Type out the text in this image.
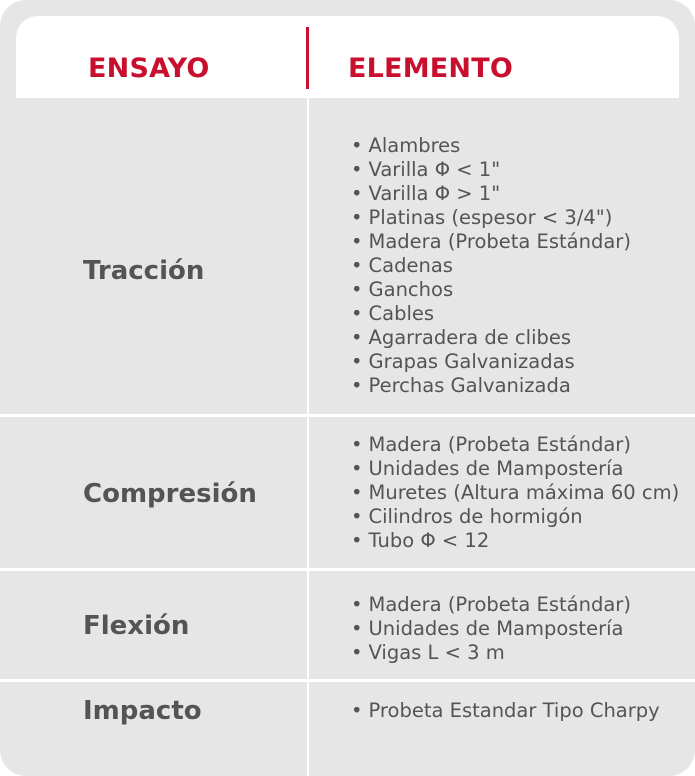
ENSAYO	ELEMENTO
Tracción
• Alambres
• Varilla Φ < 1"
• Varilla Φ > 1"
• Platinas (espesor < 3/4")
• Madera (Probeta Estándar)
• Cadenas
• Ganchos
• Cables
• Agarradera de clibes
• Grapas Galvanizadas
• Perchas Galvanizada
Compresión
• Madera (Probeta Estándar)
• Unidades de Mampostería
• Muretes (Altura máxima 60 cm)
• Cilindros de hormigón
• Tubo Φ < 12
Flexión
• Madera (Probeta Estándar)
• Unidades de Mampostería
• Vigas L < 3 m
Impacto	• Probeta Estandar Tipo Charpy
